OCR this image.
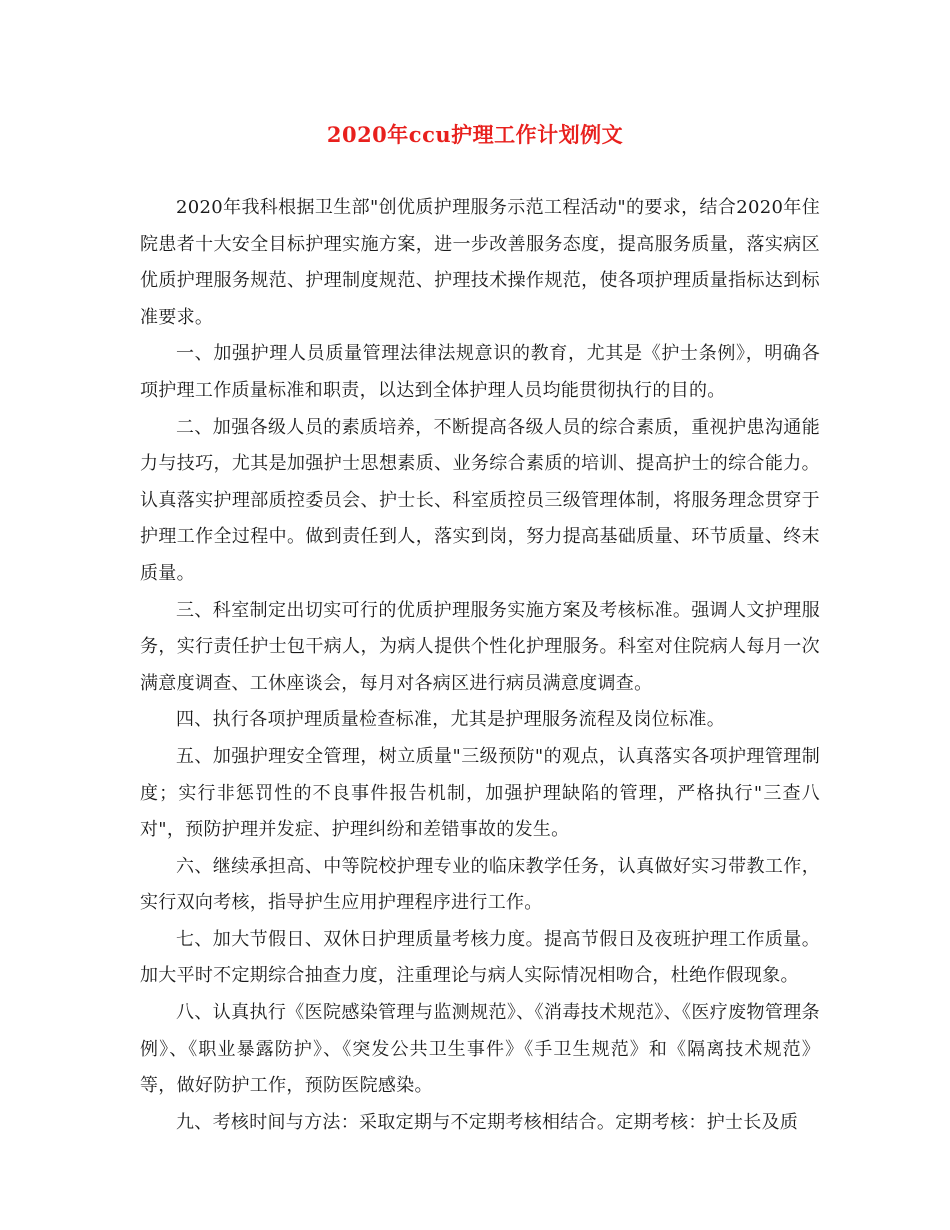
2020年ccu护理工作计划例文

2020年我科根据卫生部"创优质护理服务示范工程活动"的要求，结合2020年住院患者十大安全目标护理实施方案，进一步改善服务态度，提高服务质量，落实病区优质护理服务规范、护理制度规范、护理技术操作规范，使各项护理质量指标达到标准要求。

一、加强护理人员质量管理法律法规意识的教育，尤其是《护士条例》，明确各项护理工作质量标准和职责，以达到全体护理人员均能贯彻执行的目的。

二、加强各级人员的素质培养，不断提高各级人员的综合素质，重视护患沟通能力与技巧，尤其是加强护士思想素质、业务综合素质的培训、提高护士的综合能力。认真落实护理部质控委员会、护士长、科室质控员三级管理体制，将服务理念贯穿于护理工作全过程中。做到责任到人，落实到岗，努力提高基础质量、环节质量、终末质量。

三、科室制定出切实可行的优质护理服务实施方案及考核标准。强调人文护理服务，实行责任护士包干病人，为病人提供个性化护理服务。科室对住院病人每月一次满意度调查、工休座谈会，每月对各病区进行病员满意度调查。

四、执行各项护理质量检查标准，尤其是护理服务流程及岗位标准。

五、加强护理安全管理，树立质量"三级预防"的观点，认真落实各项护理管理制度；实行非惩罚性的不良事件报告机制，加强护理缺陷的管理，严格执行"三查八对"，预防护理并发症、护理纠纷和差错事故的发生。

六、继续承担高、中等院校护理专业的临床教学任务，认真做好实习带教工作，实行双向考核，指导护生应用护理程序进行工作。

七、加大节假日、双休日护理质量考核力度。提高节假日及夜班护理工作质量。加大平时不定期综合抽查力度，注重理论与病人实际情况相吻合，杜绝作假现象。

八、认真执行《医院感染管理与监测规范》、《消毒技术规范》、《医疗废物管理条例》、《职业暴露防护》、《突发公共卫生事件》《手卫生规范》和《隔离技术规范》等，做好防护工作，预防医院感染。

九、考核时间与方法：采取定期与不定期考核相结合。定期考核：护士长及质
